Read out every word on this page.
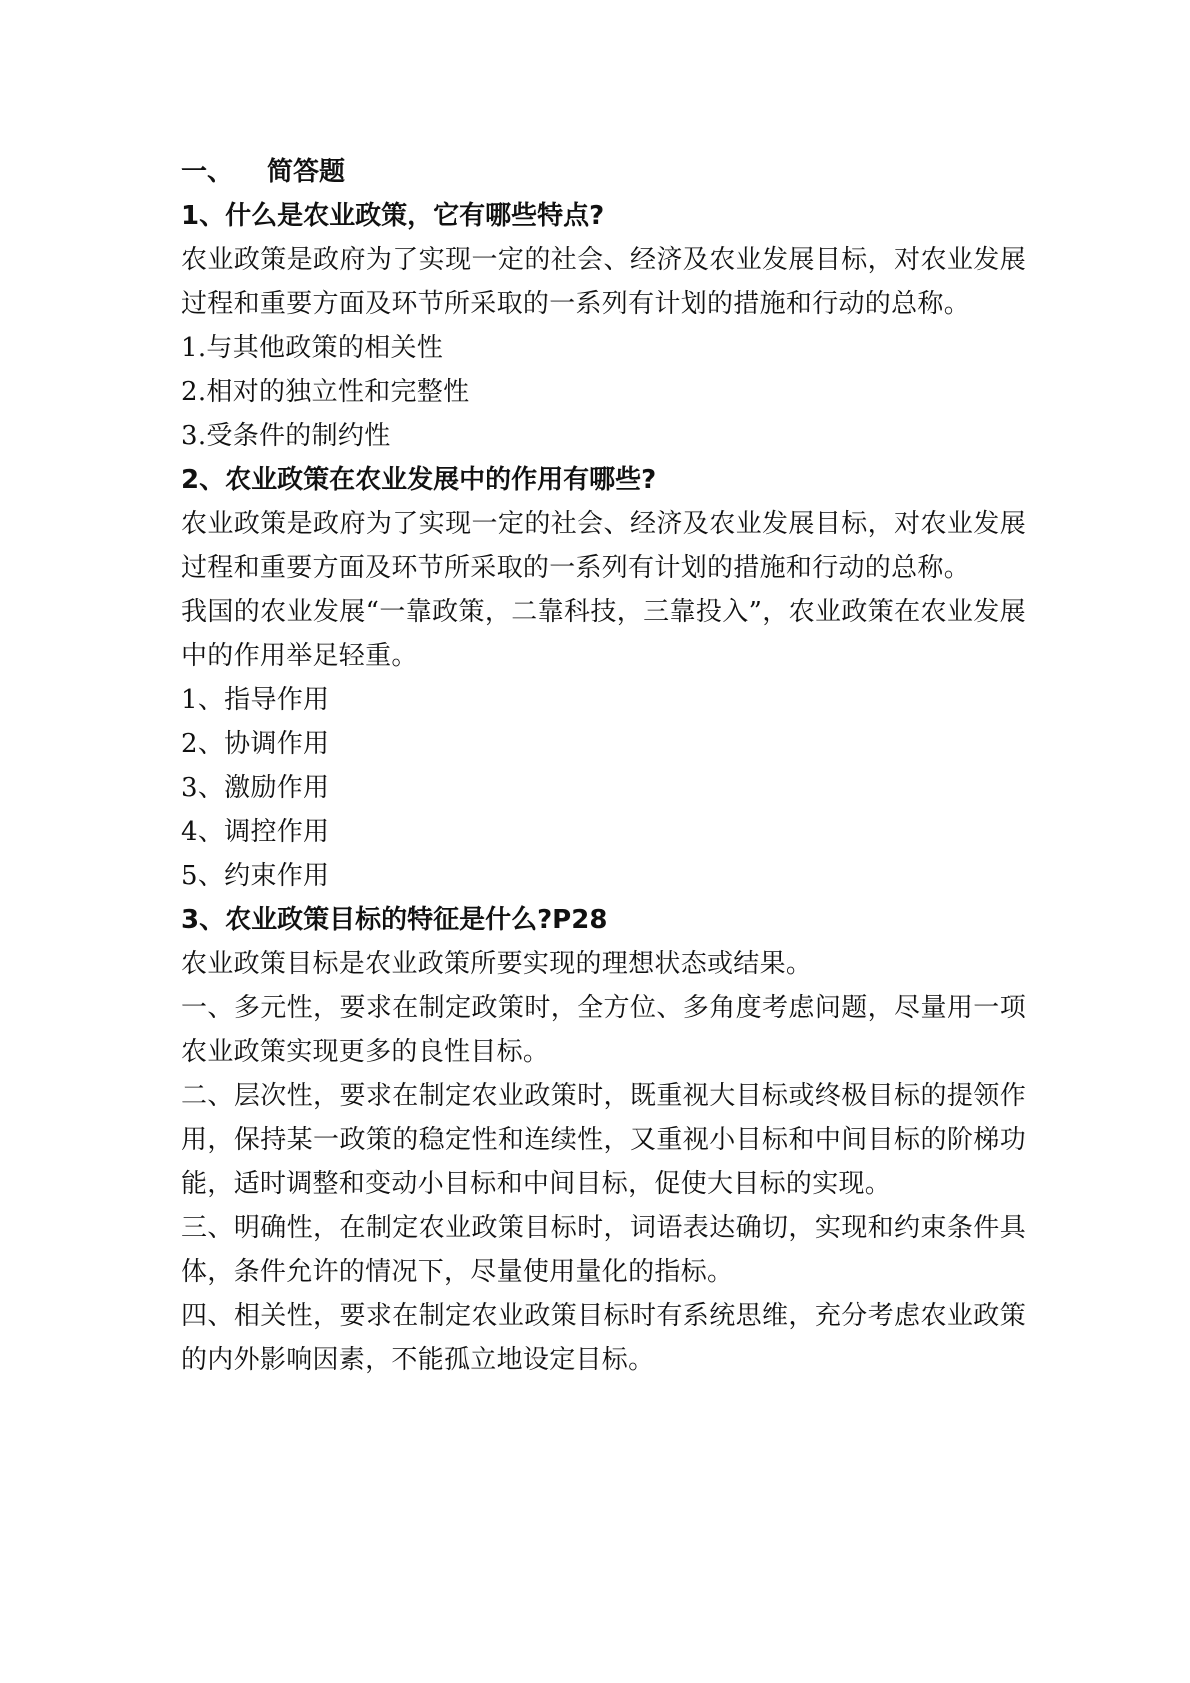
一、 简答题
1、什么是农业政策，它有哪些特点?
农业政策是政府为了实现一定的社会、经济及农业发展目标，对农业发展过程和重要方面及环节所采取的一系列有计划的措施和行动的总称。
1.与其他政策的相关性
2.相对的独立性和完整性
3.受条件的制约性
2、农业政策在农业发展中的作用有哪些?
农业政策是政府为了实现一定的社会、经济及农业发展目标，对农业发展过程和重要方面及环节所采取的一系列有计划的措施和行动的总称。
我国的农业发展“一靠政策，二靠科技，三靠投入”，农业政策在农业发展中的作用举足轻重。
1、指导作用
2、协调作用
3、激励作用
4、调控作用
5、约束作用
3、农业政策目标的特征是什么?P28
农业政策目标是农业政策所要实现的理想状态或结果。
一、多元性，要求在制定政策时，全方位、多角度考虑问题，尽量用一项农业政策实现更多的良性目标。
二、层次性，要求在制定农业政策时，既重视大目标或终极目标的提领作用，保持某一政策的稳定性和连续性，又重视小目标和中间目标的阶梯功能，适时调整和变动小目标和中间目标，促使大目标的实现。
三、明确性，在制定农业政策目标时，词语表达确切，实现和约束条件具体，条件允许的情况下，尽量使用量化的指标。
四、相关性，要求在制定农业政策目标时有系统思维，充分考虑农业政策的内外影响因素，不能孤立地设定目标。
